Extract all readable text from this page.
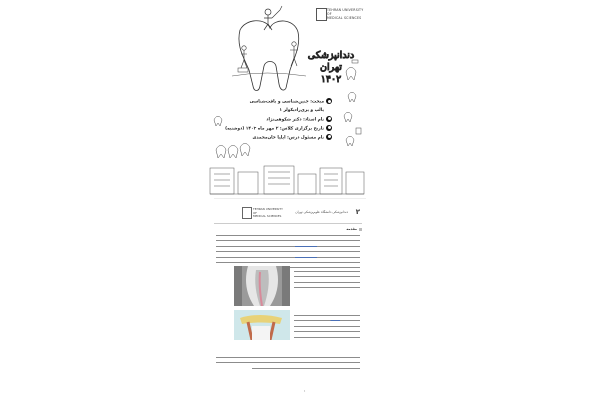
TEHRAN UNIVERSITY
OF
MEDICAL SCIENCES
دندانپزشکی
تهران
۱۴۰۲
مبحث: جنین‌شناسی و بافت‌شناسی
پالپ و پری‌رادیکولر ۱
نام استاد: دکتر شکوهی‌نژاد
تاریخ برگزاری کلاس: ۳ مهر ماه ۱۴۰۲ (دوشنبه)
نام مسئول درس: ایلیا خان‌محمدی
TEHRAN UNIVERSITY
OF
MEDICAL SCIENCES
دندانپزشکی دانشگاه علوم‌پزشکی تهران ۲
مقدمه
۱
